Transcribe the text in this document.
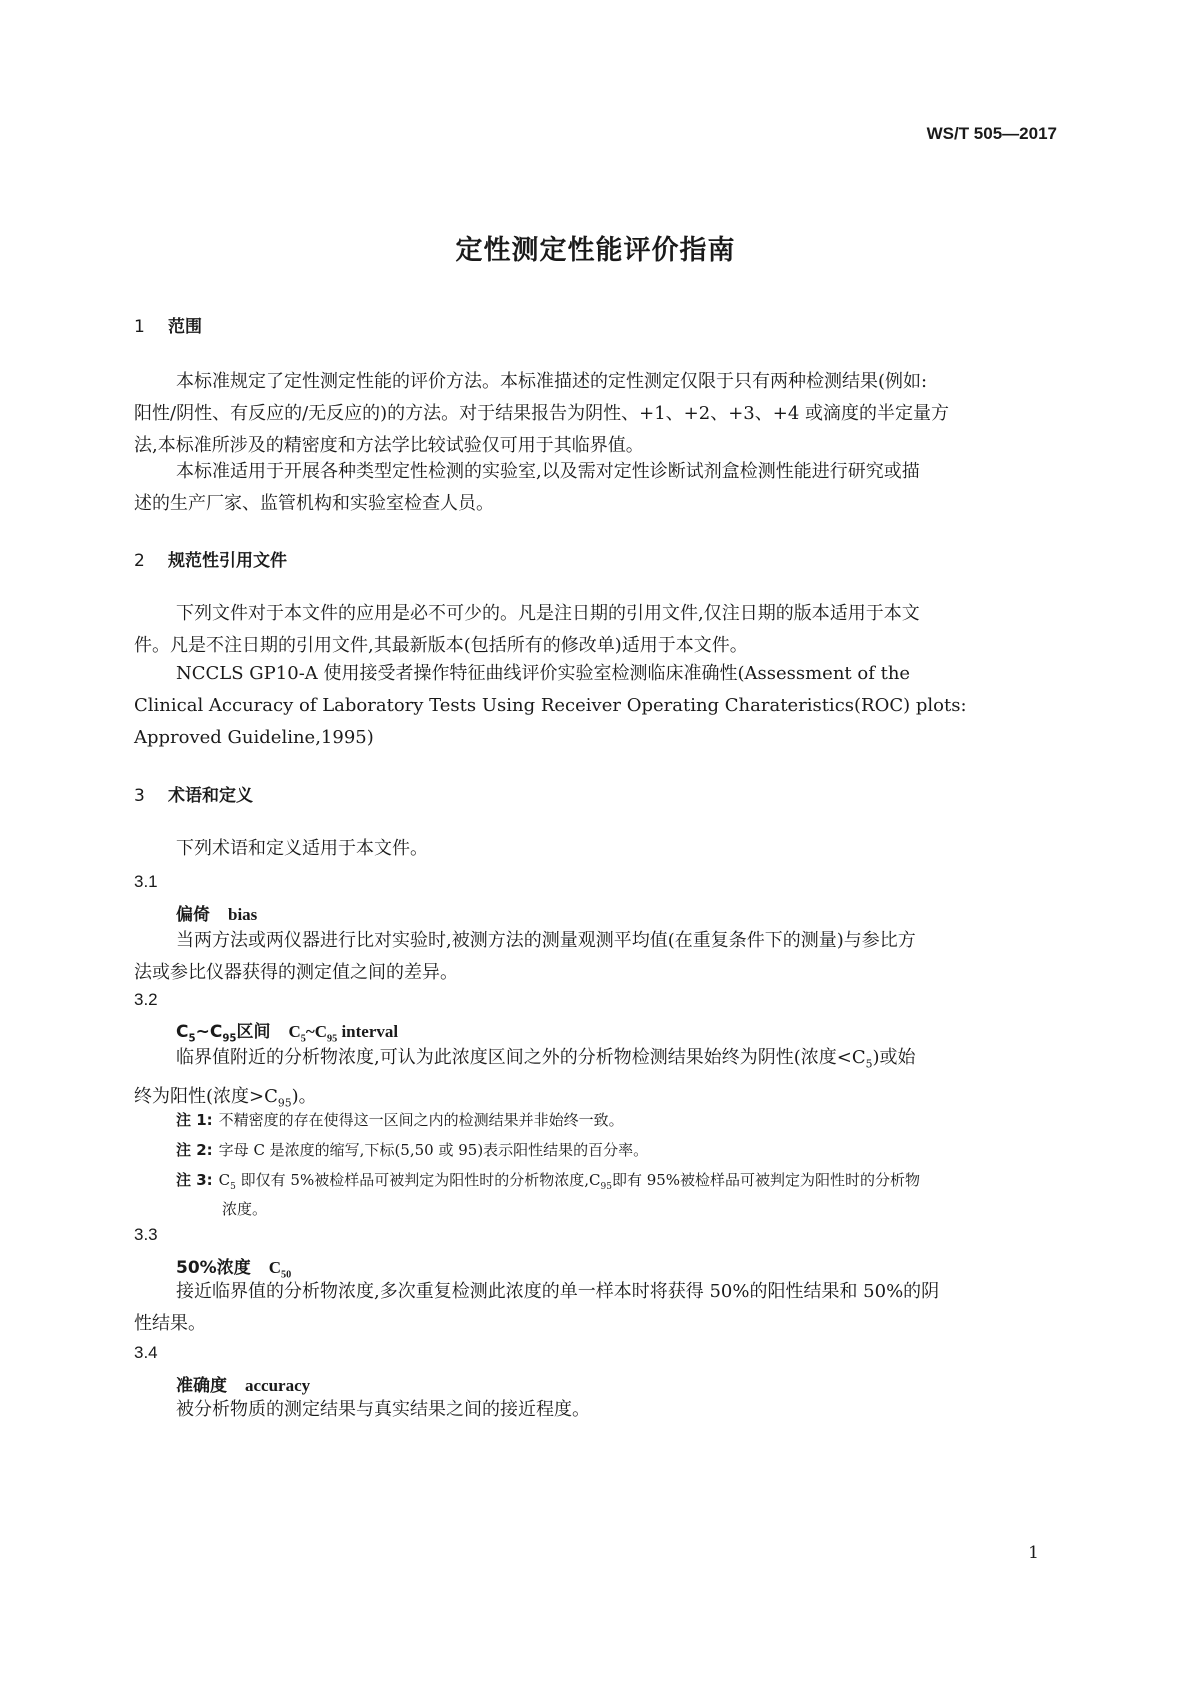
WS/T 505—2017
定性测定性能评价指南
1 范围
本标准规定了定性测定性能的评价方法。本标准描述的定性测定仅限于只有两种检测结果(例如:
阳性/阴性、有反应的/无反应的)的方法。对于结果报告为阴性、+1、+2、+3、+4 或滴度的半定量方
法,本标准所涉及的精密度和方法学比较试验仅可用于其临界值。
本标准适用于开展各种类型定性检测的实验室,以及需对定性诊断试剂盒检测性能进行研究或描
述的生产厂家、监管机构和实验室检查人员。
2 规范性引用文件
下列文件对于本文件的应用是必不可少的。凡是注日期的引用文件,仅注日期的版本适用于本文
件。凡是不注日期的引用文件,其最新版本(包括所有的修改单)适用于本文件。
NCCLS GP10-A 使用接受者操作特征曲线评价实验室检测临床准确性(Assessment of the
Clinical Accuracy of Laboratory Tests Using Receiver Operating Charateristics(ROC) plots:
Approved Guideline,1995)
3 术语和定义
下列术语和定义适用于本文件。
3.1
偏倚 bias
当两方法或两仪器进行比对实验时,被测方法的测量观测平均值(在重复条件下的测量)与参比方
法或参比仪器获得的测定值之间的差异。
3.2
$C_5\sim C_{95}$区间 $C_5\sim C_{95}$ interval
临界值附近的分析物浓度,可认为此浓度区间之外的分析物检测结果始终为阴性(浓度$<C_5$)或始
终为阳性(浓度$>C_{95}$)。
注 1: 不精密度的存在使得这一区间之内的检测结果并非始终一致。
注 2: 字母 C 是浓度的缩写,下标(5,50 或 95)表示阳性结果的百分率。
注 3: $C_5$ 即仅有 5%被检样品可被判定为阳性时的分析物浓度$,C_{95}$即有 95%被检样品可被判定为阳性时的分析物
浓度。
3.3
50%浓度 $C_{50}$
接近临界值的分析物浓度,多次重复检测此浓度的单一样本时将获得 50%的阳性结果和 50%的阴
性结果。
3.4
准确度 accuracy
被分析物质的测定结果与真实结果之间的接近程度。
1
